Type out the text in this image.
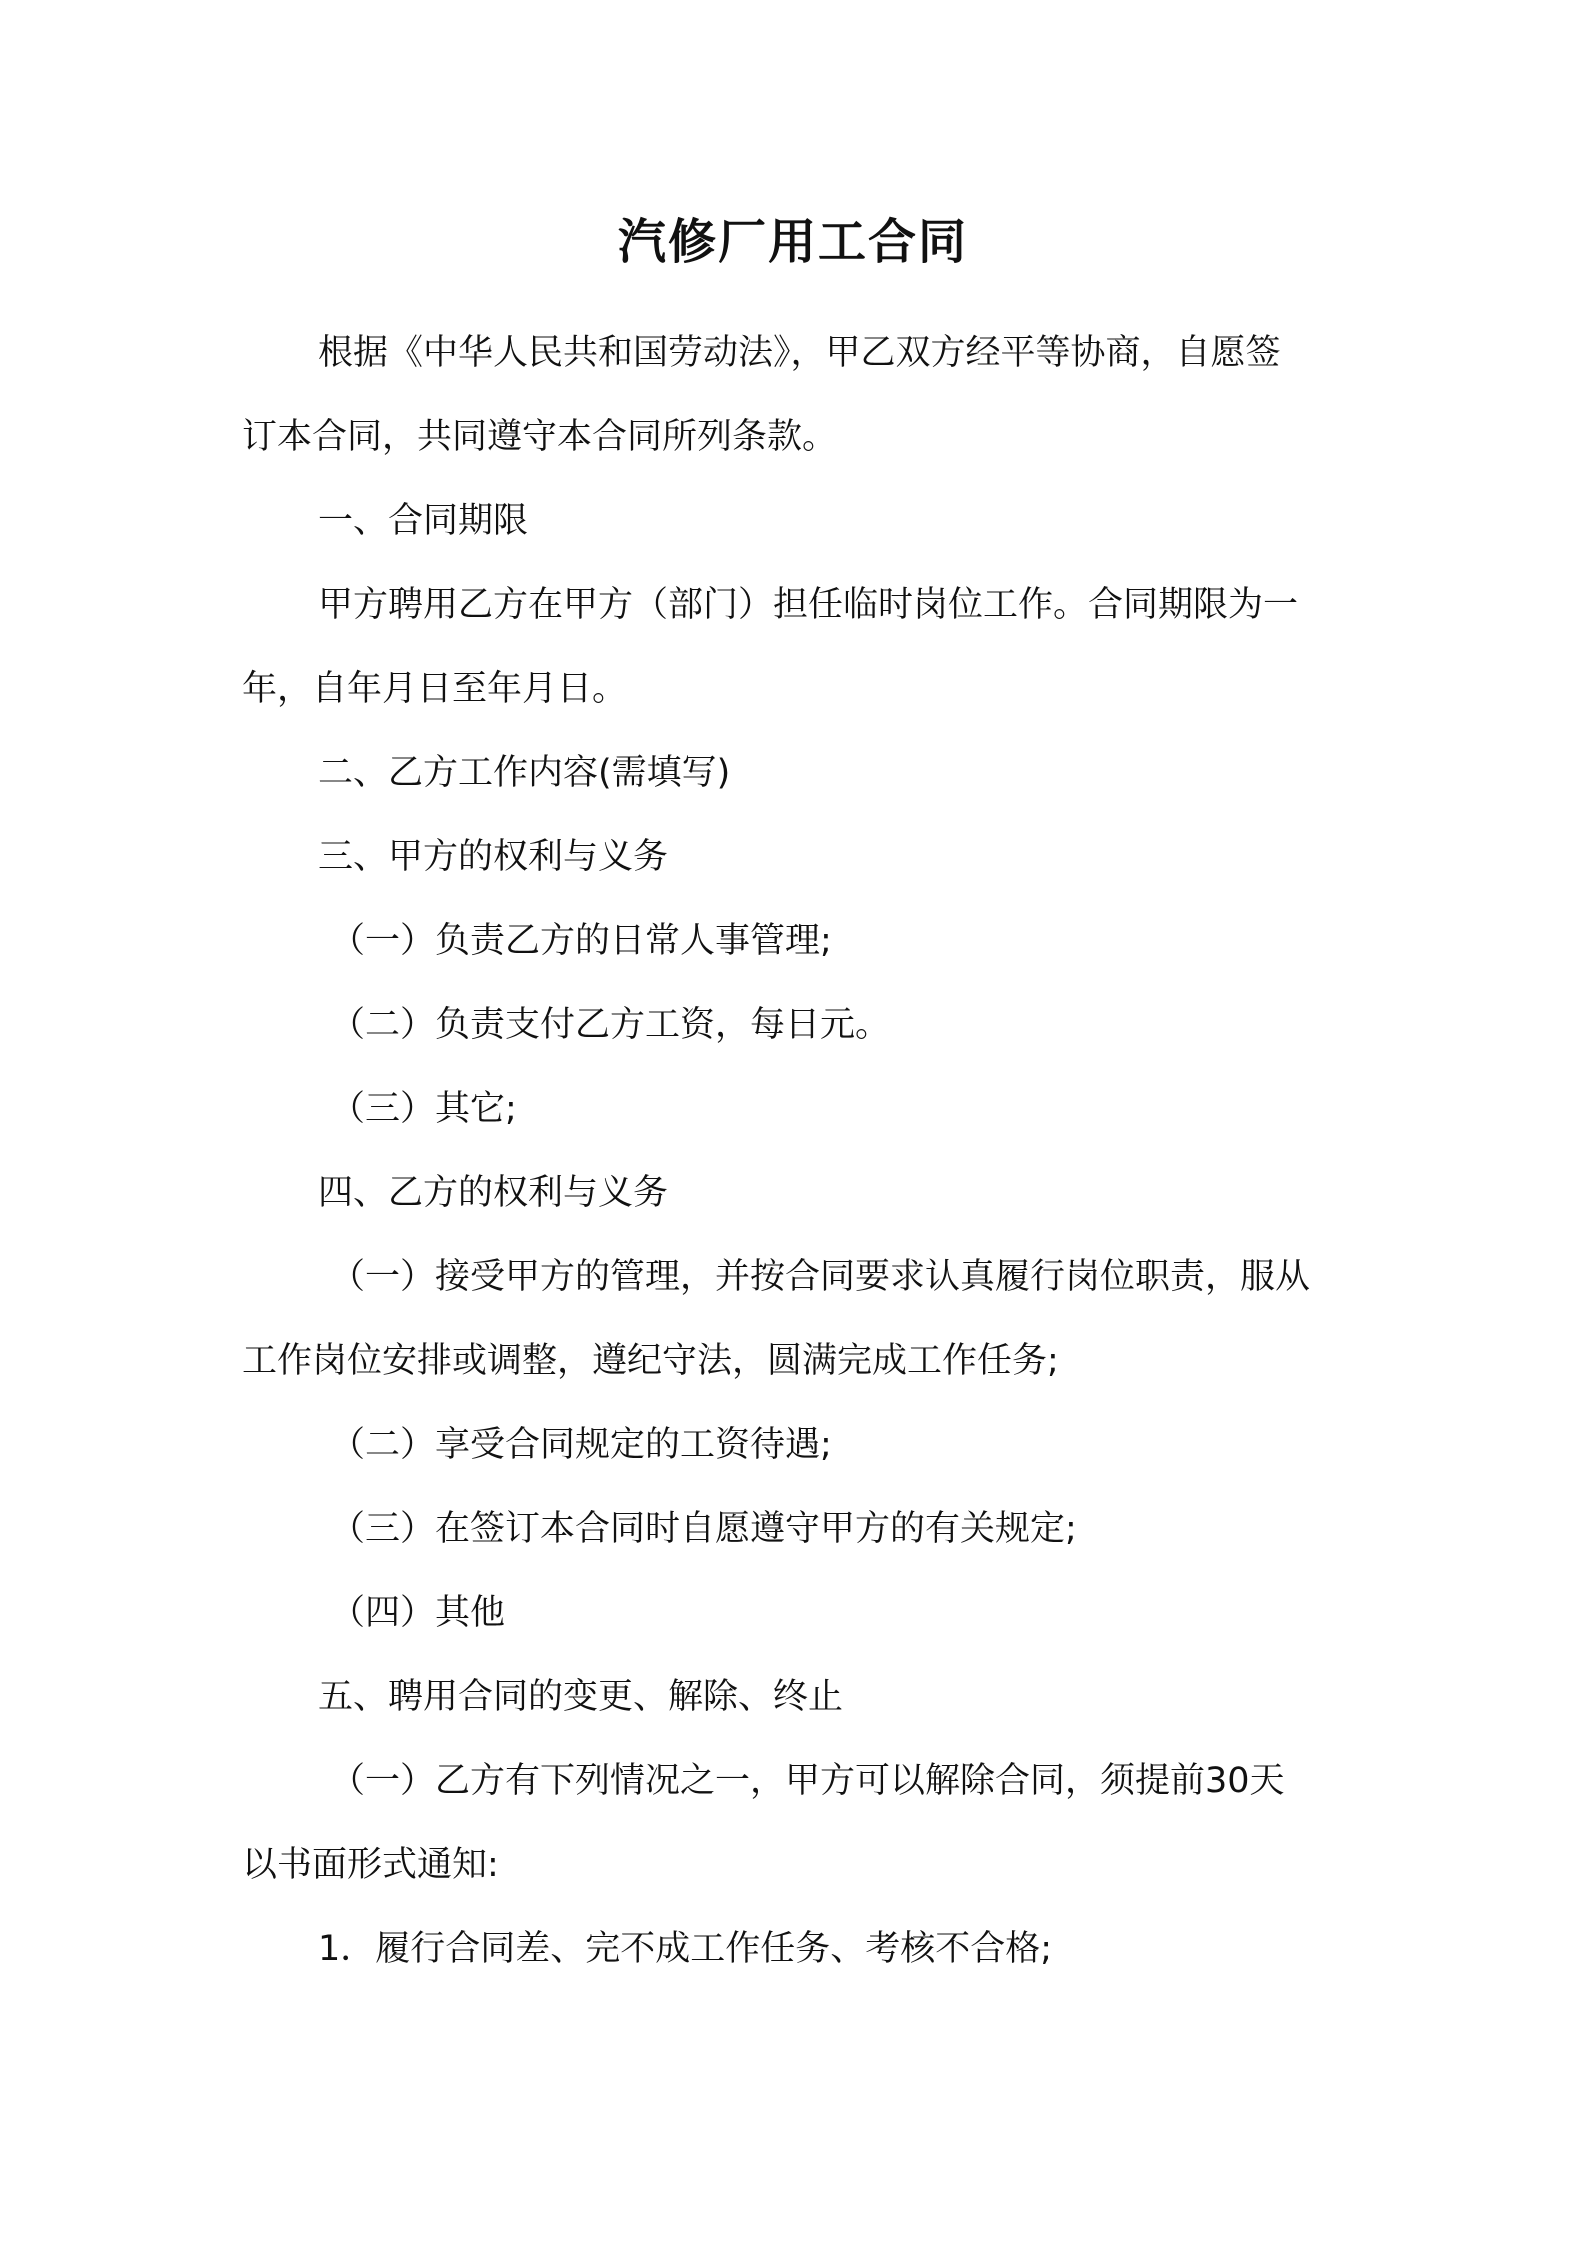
汽修厂用工合同
根据《中华人民共和国劳动法》，甲乙双方经平等协商，自愿签
订本合同，共同遵守本合同所列条款。
一、合同期限
甲方聘用乙方在甲方（部门）担任临时岗位工作。合同期限为一
年，自年月日至年月日。
二、乙方工作内容(需填写)
三、甲方的权利与义务
（一）负责乙方的日常人事管理;
（二）负责支付乙方工资，每日元。
（三）其它;
四、乙方的权利与义务
（一）接受甲方的管理，并按合同要求认真履行岗位职责，服从
工作岗位安排或调整，遵纪守法，圆满完成工作任务;
（二）享受合同规定的工资待遇;
（三）在签订本合同时自愿遵守甲方的有关规定;
（四）其他
五、聘用合同的变更、解除、终止
（一）乙方有下列情况之一，甲方可以解除合同，须提前30天
以书面形式通知:
1．履行合同差、完不成工作任务、考核不合格;
